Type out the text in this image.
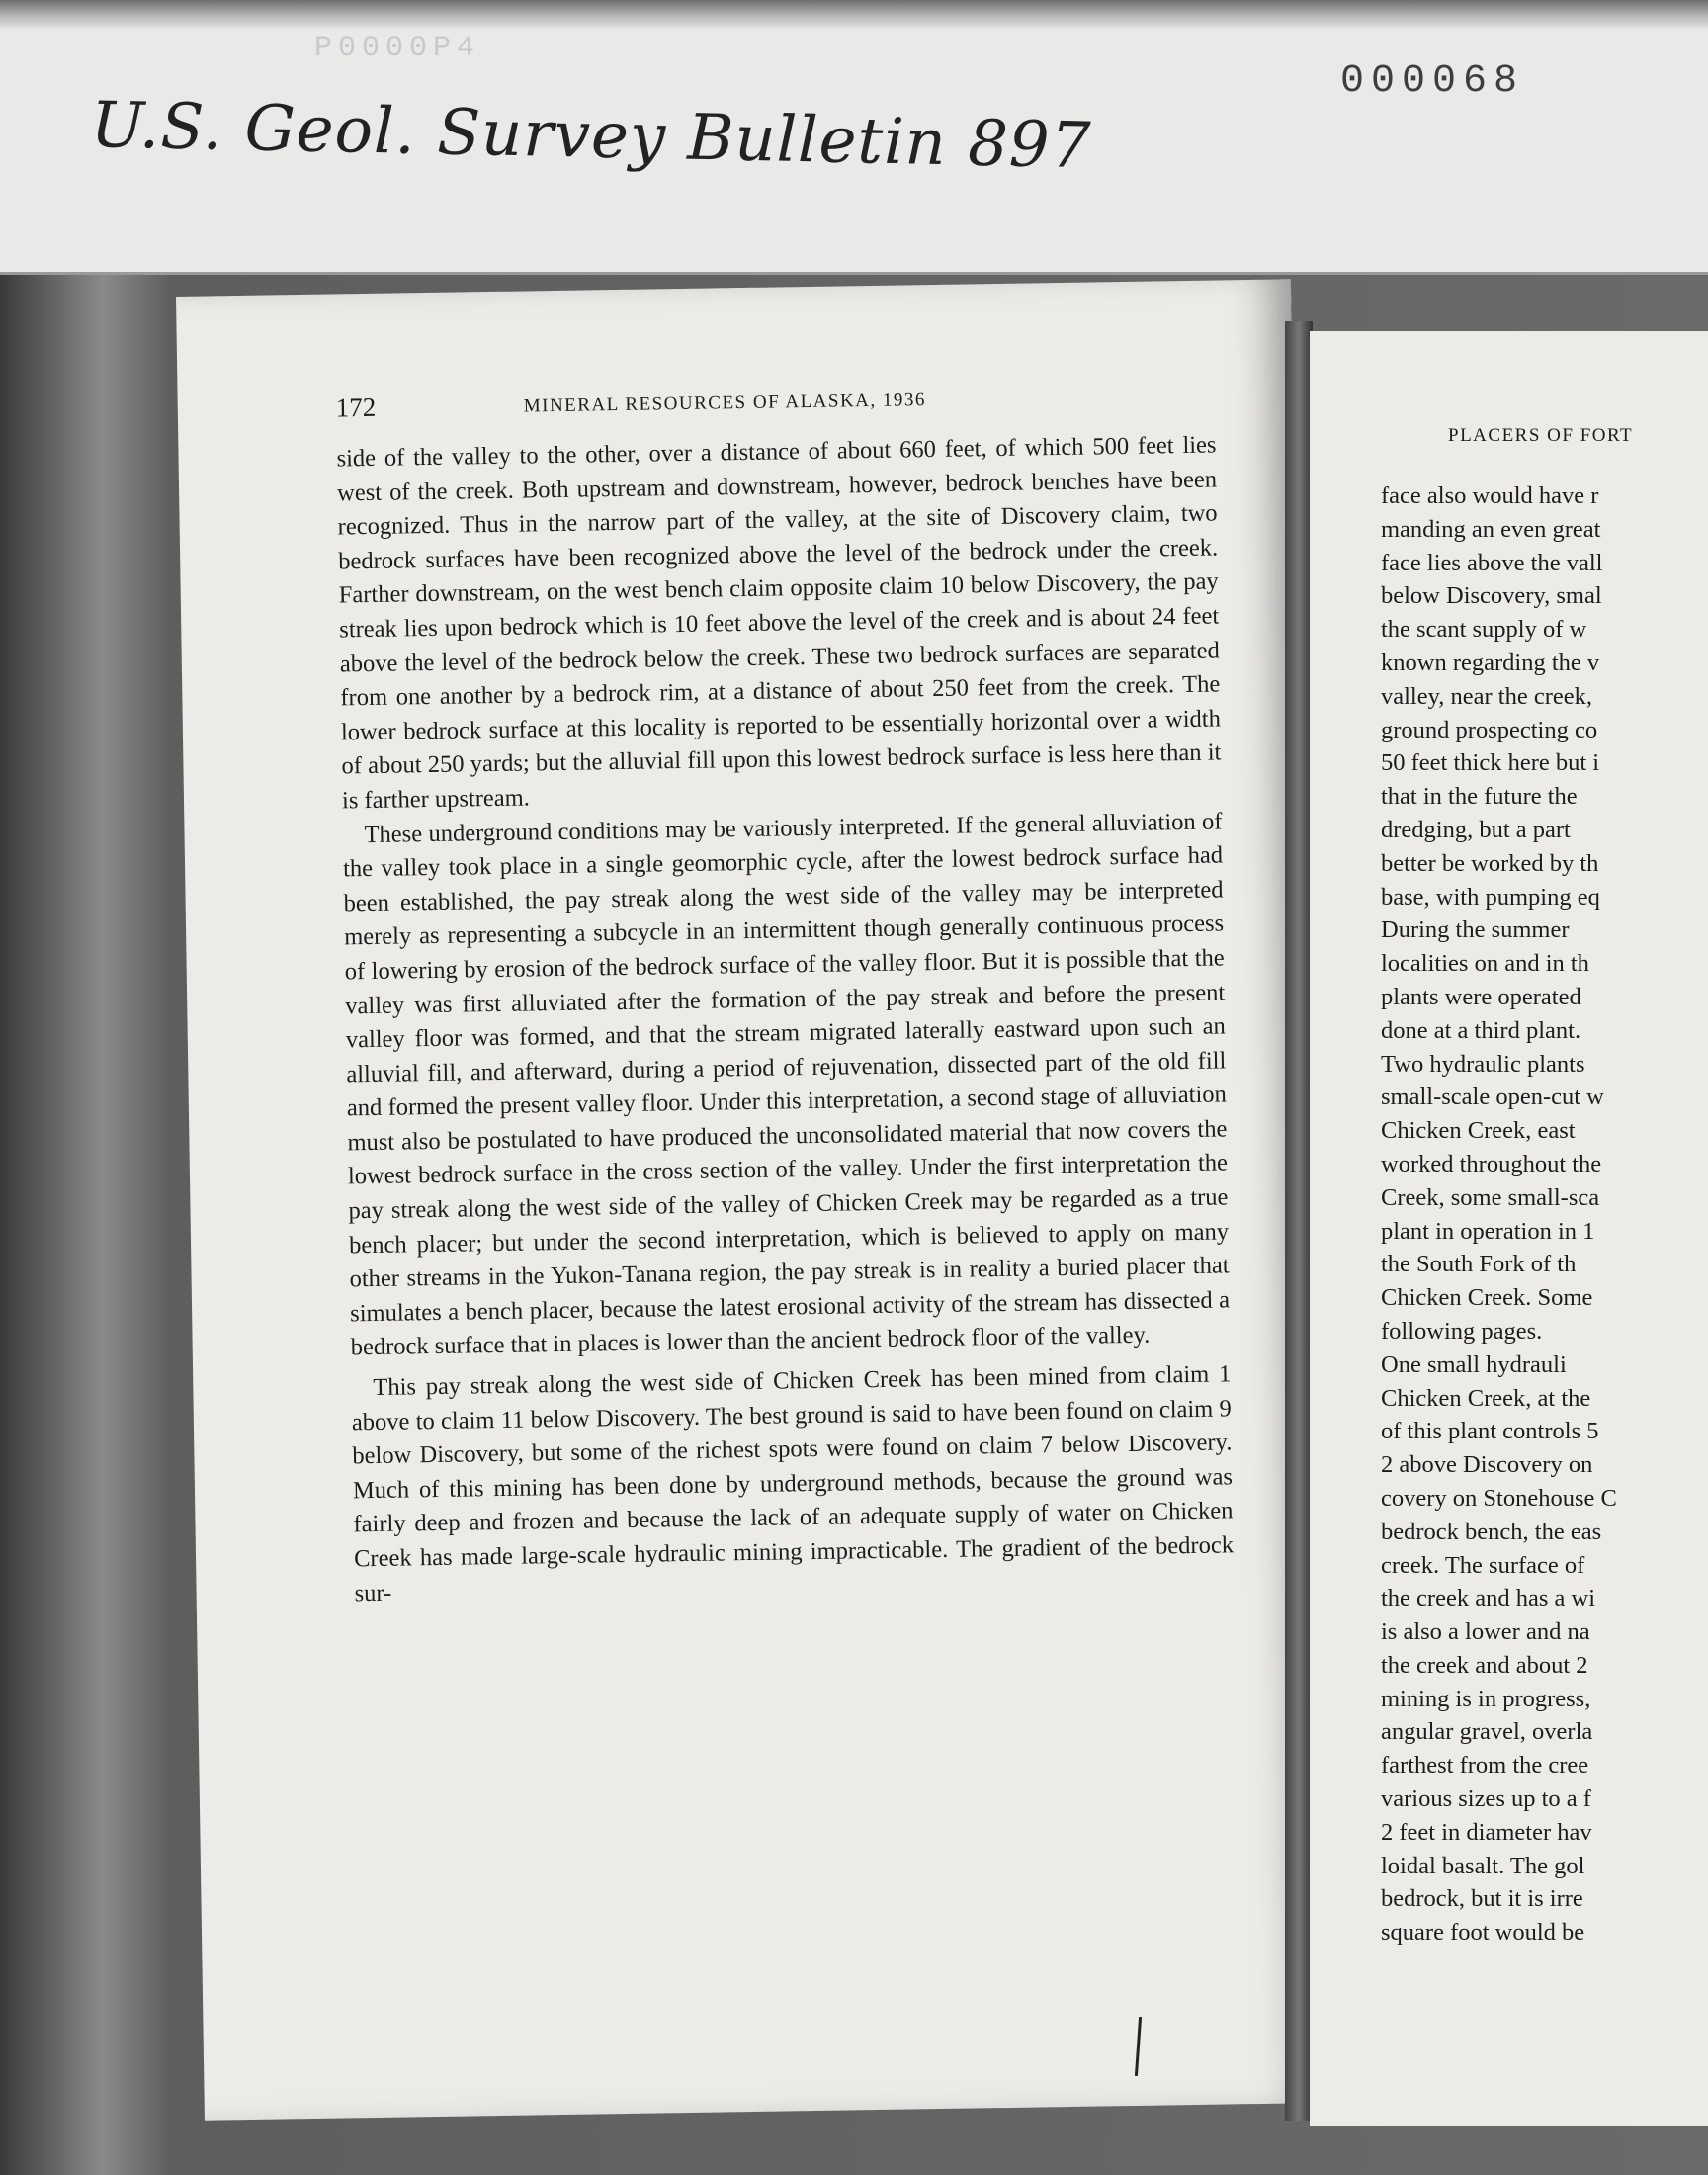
P0000P4
000068
U.S. Geol. Survey Bulletin 897
172	MINERAL RESOURCES OF ALASKA, 1936

side of the valley to the other, over a distance of about 660 feet, of which 500 feet lies west of the creek. Both upstream and downstream, however, bedrock benches have been recognized. Thus in the narrow part of the valley, at the site of Discovery claim, two bedrock surfaces have been recognized above the level of the bedrock under the creek. Farther downstream, on the west bench claim opposite claim 10 below Discovery, the pay streak lies upon bedrock which is 10 feet above the level of the creek and is about 24 feet above the level of the bedrock below the creek. These two bedrock surfaces are separated from one another by a bedrock rim, at a distance of about 250 feet from the creek. The lower bedrock surface at this locality is reported to be essentially horizontal over a width of about 250 yards; but the alluvial fill upon this lowest bedrock surface is less here than it is farther upstream.

These underground conditions may be variously interpreted. If the general alluviation of the valley took place in a single geomorphic cycle, after the lowest bedrock surface had been established, the pay streak along the west side of the valley may be interpreted merely as representing a subcycle in an intermittent though generally continuous process of lowering by erosion of the bedrock surface of the valley floor. But it is possible that the valley was first alluviated after the formation of the pay streak and before the present valley floor was formed, and that the stream migrated laterally eastward upon such an alluvial fill, and afterward, during a period of rejuvenation, dissected part of the old fill and formed the present valley floor. Under this interpretation, a second stage of alluviation must also be postulated to have produced the unconsolidated material that now covers the lowest bedrock surface in the cross section of the valley. Under the first interpretation the pay streak along the west side of the valley of Chicken Creek may be regarded as a true bench placer; but under the second interpretation, which is believed to apply on many other streams in the Yukon-Tanana region, the pay streak is in reality a buried placer that simulates a bench placer, because the latest erosional activity of the stream has dissected a bedrock surface that in places is lower than the ancient bedrock floor of the valley.

This pay streak along the west side of Chicken Creek has been mined from claim 1 above to claim 11 below Discovery. The best ground is said to have been found on claim 9 below Discovery, but some of the richest spots were found on claim 7 below Discovery. Much of this mining has been done by underground methods, because the ground was fairly deep and frozen and because the lack of an adequate supply of water on Chicken Creek has made large-scale hydraulic mining impracticable. The gradient of the bedrock sur-

PLACERS OF FORT
face also would have r
manding an even great
face lies above the vall
below Discovery, smal
the scant supply of w
known regarding the v
valley, near the creek,
ground prospecting co
50 feet thick here but i
that in the future the
dredging, but a part
better be worked by th
base, with pumping eq
During the summer
localities on and in th
plants were operated
done at a third plant.
Two hydraulic plants
small-scale open-cut w
Chicken Creek, east
worked throughout the
Creek, some small-sca
plant in operation in 1
the South Fork of th
Chicken Creek. Some
following pages.
One small hydrauli
Chicken Creek, at the
of this plant controls 5
2 above Discovery on
covery on Stonehouse C
bedrock bench, the eas
creek. The surface of
the creek and has a wi
is also a lower and na
the creek and about 2
mining is in progress,
angular gravel, overla
farthest from the cree
various sizes up to a f
2 feet in diameter hav
loidal basalt. The gol
bedrock, but it is irre
square foot would be
